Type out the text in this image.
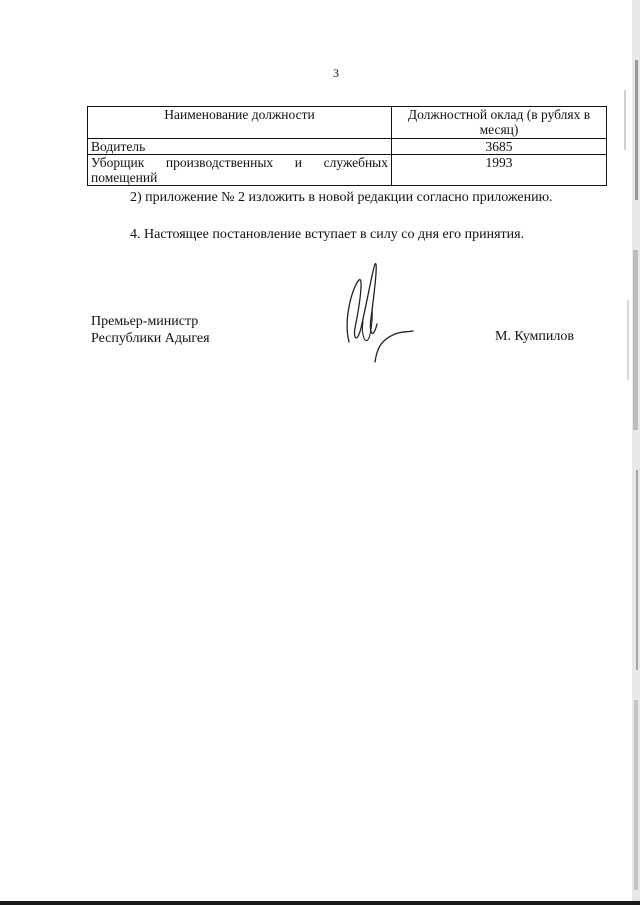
3
Наименование должности	Должностной оклад (в рублях в месяц)
Водитель	3685
Уборщик производственных и служебных помещений	1993
2) приложение № 2 изложить в новой редакции согласно приложению.
4. Настоящее постановление вступает в силу со дня его принятия.
Премьер-министр
Республики Адыгея	М. Кумпилов
